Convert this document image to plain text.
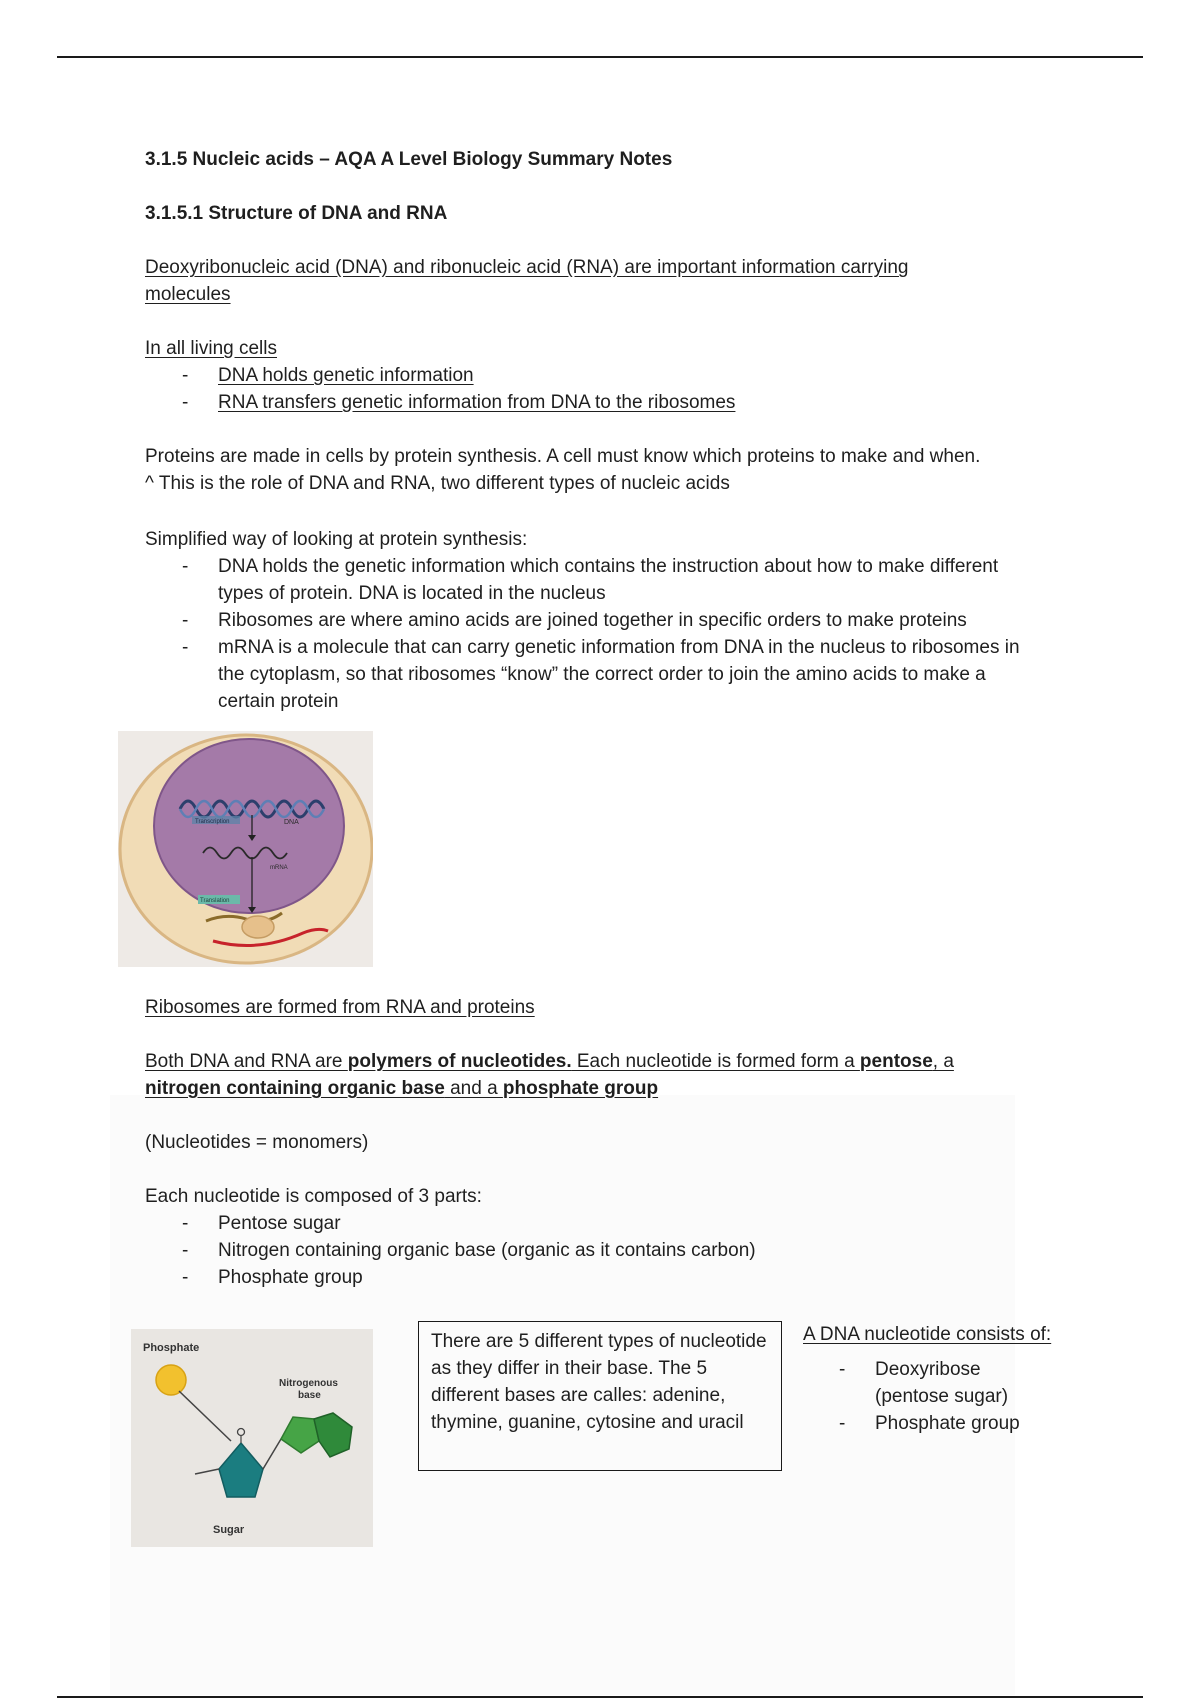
3.1.5 Nucleic acids – AQA A Level Biology Summary Notes
3.1.5.1 Structure of DNA and RNA
Deoxyribonucleic acid (DNA) and ribonucleic acid (RNA) are important information carrying
molecules
In all living cells
- DNA holds genetic information
- RNA transfers genetic information from DNA to the ribosomes
Proteins are made in cells by protein synthesis. A cell must know which proteins to make and when.
^ This is the role of DNA and RNA, two different types of nucleic acids
Simplified way of looking at protein synthesis:
- DNA holds the genetic information which contains the instruction about how to make different types of protein. DNA is located in the nucleus
- Ribosomes are where amino acids are joined together in specific orders to make proteins
- mRNA is a molecule that can carry genetic information from DNA in the nucleus to ribosomes in the cytoplasm, so that ribosomes “know” the correct order to join the amino acids to make a certain protein
Transcription	DNA
mRNA
Translation
Ribosomes are formed from RNA and proteins
Both DNA and RNA are polymers of nucleotides. Each nucleotide is formed form a pentose, a
nitrogen containing organic base and a phosphate group
(Nucleotides = monomers)
Each nucleotide is composed of 3 parts:
- Pentose sugar
- Nitrogen containing organic base (organic as it contains carbon)
- Phosphate group
Phosphate
Nitrogenous
base
Sugar
There are 5 different types of nucleotide as they differ in their base. The 5 different bases are calles: adenine, thymine, guanine, cytosine and uracil
A DNA nucleotide consists of:
- Deoxyribose (pentose sugar)
- Phosphate group
